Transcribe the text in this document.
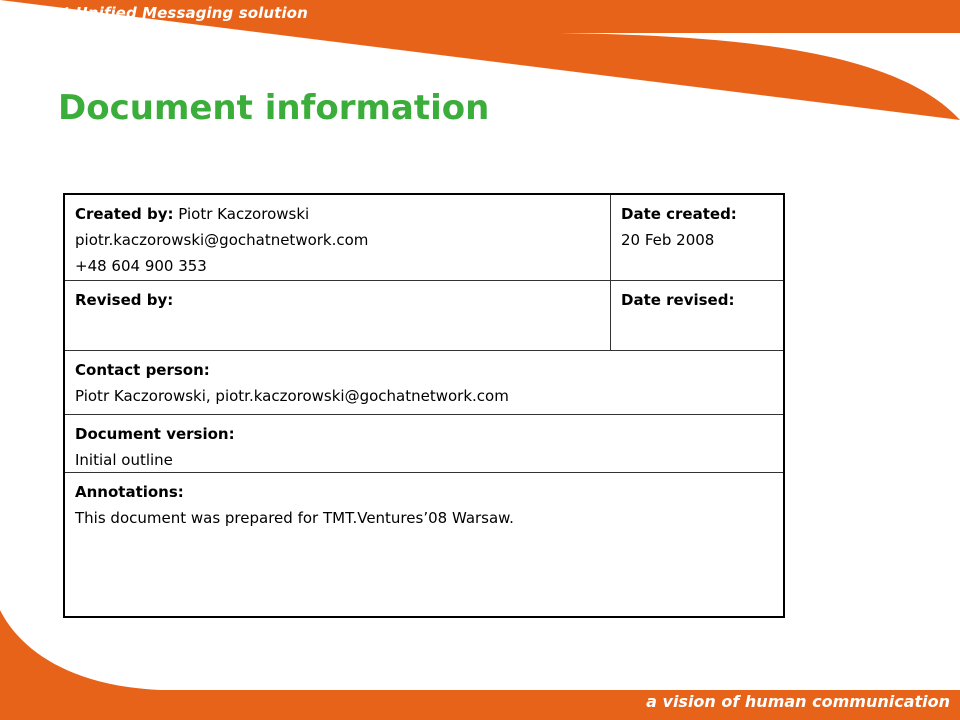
GoChat Unified Messaging solution
Document information
Created by: Piotr Kaczorowski
piotr.kaczorowski@gochatnetwork.com
+48 604 900 353
Date created:
20 Feb 2008
Revised by:	Date revised:
Contact person:
Piotr Kaczorowski, piotr.kaczorowski@gochatnetwork.com
Document version:
Initial outline
Annotations:
This document was prepared for TMT.Ventures’08 Warsaw.
a vision of human communication
